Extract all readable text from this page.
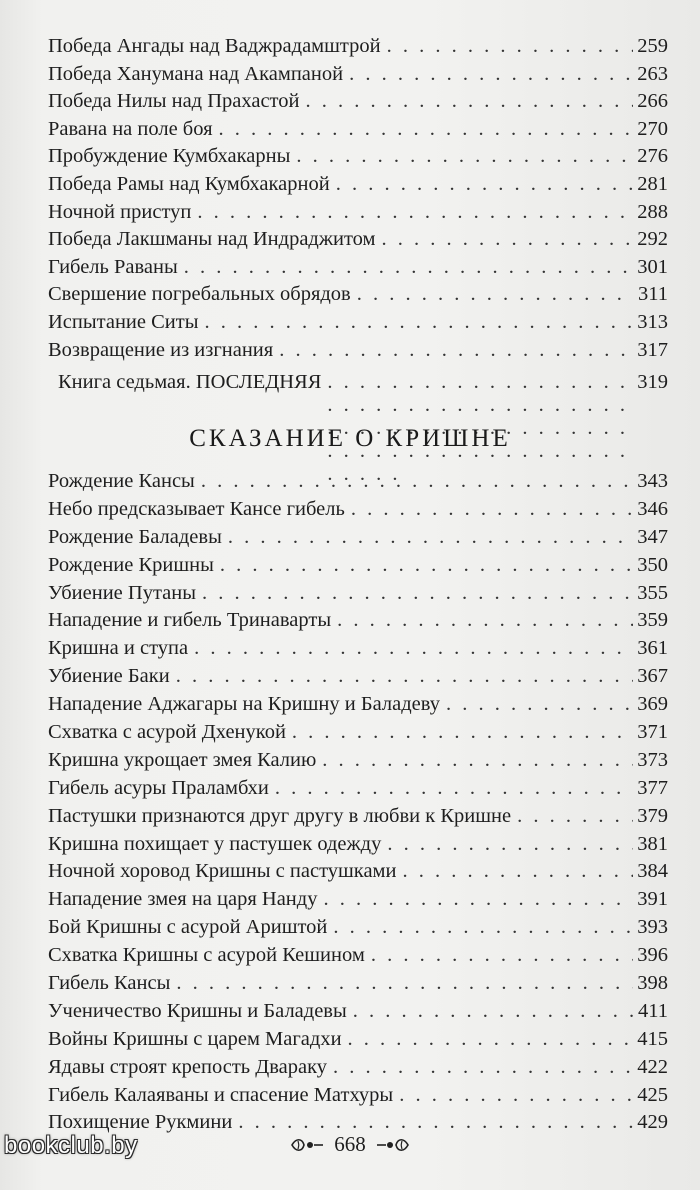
Победа Ангады над Ваджрадамштрой . . .	259
Победа Ханумана над Акампаной . . .	263
Победа Нилы над Прахастой . . .	266
Равана на поле боя . . .	270
Пробуждение Кумбхакарны . . .	276
Победа Рамы над Кумбхакарной . . .	281
Ночной приступ . . .	288
Победа Лакшманы над Индраджитом . . .	292
Гибель Раваны . . .	301
Свершение погребальных обрядов . . .	311
Испытание Ситы . . .	313
Возвращение из изгнания . . .	317
Книга седьмая. ПОСЛЕДНЯЯ . . .	319
СКАЗАНИЕ О КРИШНЕ
Рождение Кансы . . .	343
Небо предсказывает Кансе гибель . . .	346
Рождение Баладевы . . .	347
Рождение Кришны . . .	350
Убиение Путаны . . .	355
Нападение и гибель Тринаварты . . .	359
Кришна и ступа . . .	361
Убиение Баки . . .	367
Нападение Аджагары на Кришну и Баладеву . . .	369
Схватка с асурой Дхенукой . . .	371
Кришна укрощает змея Калию . . .	373
Гибель асуры Праламбхи . . .	377
Пастушки признаются друг другу в любви к Кришне . . .	379
Кришна похищает у пастушек одежду . . .	381
Ночной хоровод Кришны с пастушками . . .	384
Нападение змея на царя Нанду . . .	391
Бой Кришны с асурой Ариштой . . .	393
Схватка Кришны с асурой Кешином . . .	396
Гибель Кансы . . .	398
Ученичество Кришны и Баладевы . . .	411
Войны Кришны с царем Магадхи . . .	415
Ядавы строят крепость Двараку . . .	422
Гибель Калаяваны и спасение Матхуры . . .	425
Похищение Рукмини . . .	429
668
bookclub.by
